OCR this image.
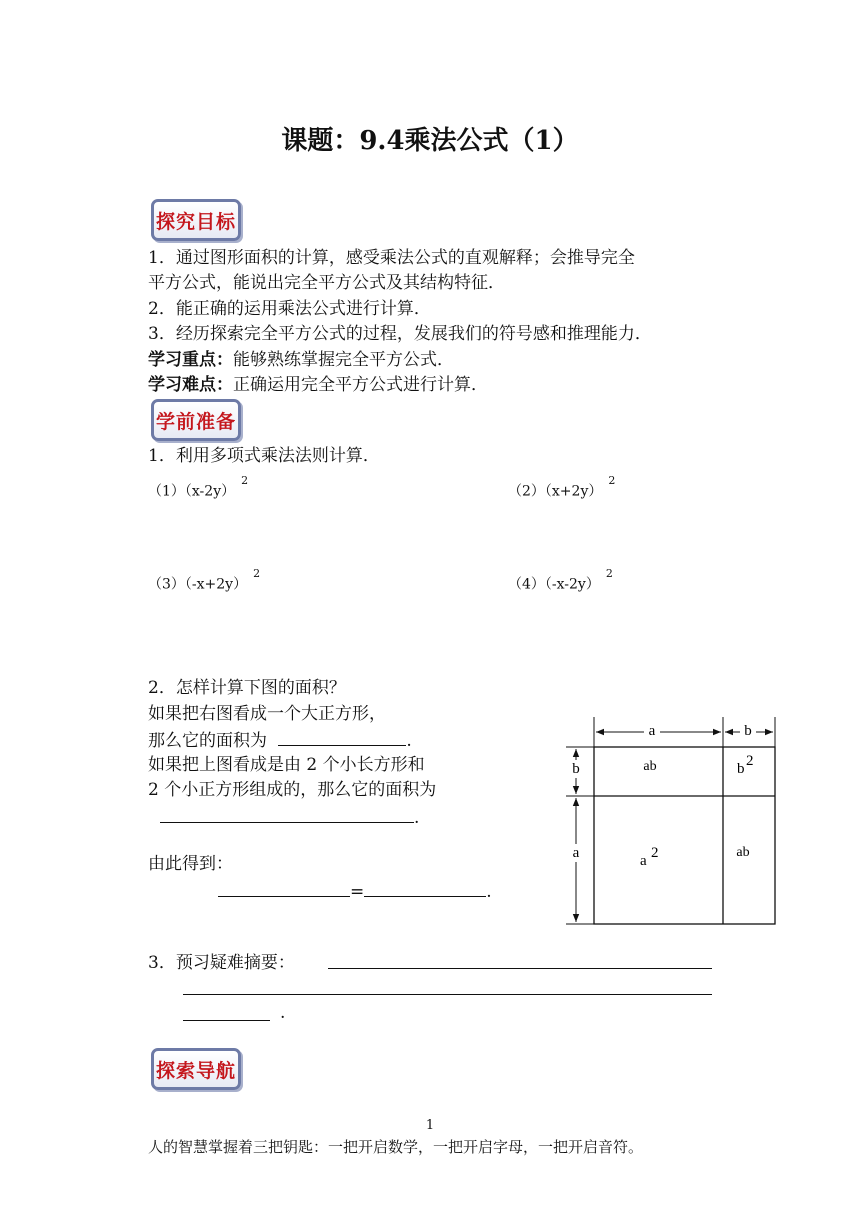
课题：9.4乘法公式（1）
探究目标
1．通过图形面积的计算，感受乘法公式的直观解释；会推导完全
平方公式，能说出完全平方公式及其结构特征．
2．能正确的运用乘法公式进行计算．
3．经历探索完全平方公式的过程，发展我们的符号感和推理能力．
学习重点：能够熟练掌握完全平方公式．
学习难点：正确运用完全平方公式进行计算．
学前准备
1．利用多项式乘法法则计算．
$(1)(x-2y)^2$
$(2)(x+2y)^2$
$(3)(-x+2y)^2$
$(4)(-x-2y)^2$
2．怎样计算下图的面积？
如果把右图看成一个大正方形，
那么它的面积为	.
如果把上图看成是由 2 个小长方形和
2 个小正方形组成的，那么它的面积为
.
由此得到：
=	.
a	b
b
a
ab	b 2
a 2	ab
3．预习疑难摘要：
.
探索导航
1
人的智慧掌握着三把钥匙：一把开启数学，一把开启字母，一把开启音符。
